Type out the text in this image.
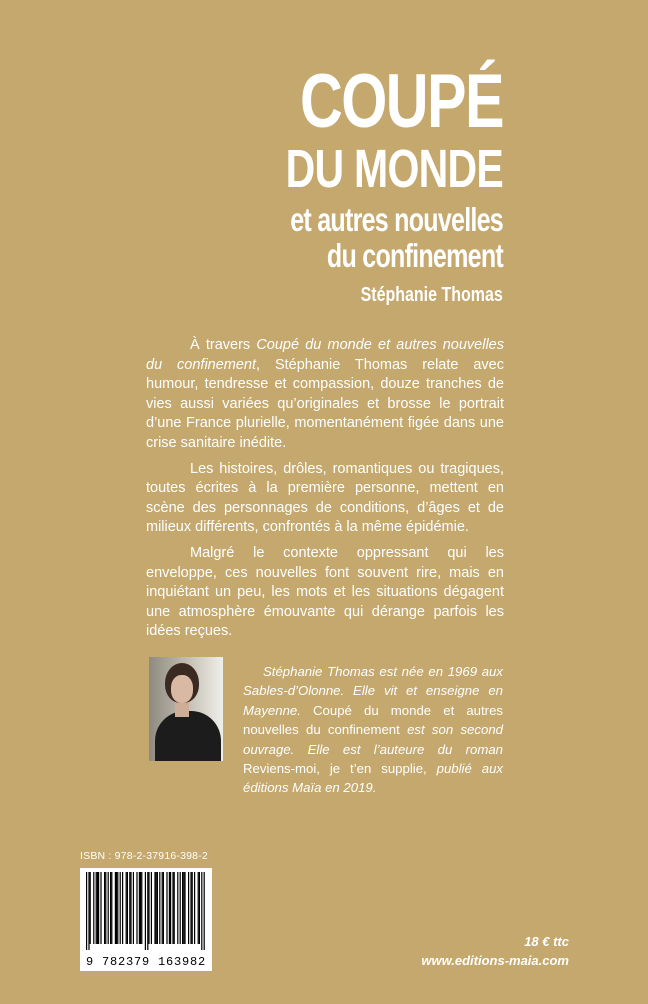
COUPÉ
DU MONDE
et autres nouvelles
du confinement
Stéphanie Thomas

À travers Coupé du monde et autres nouvelles du confinement, Stéphanie Thomas relate avec humour, tendresse et compassion, douze tranches de vies aussi variées qu’originales et brosse le portrait d’une France plurielle, momentanément figée dans une crise sanitaire inédite.

Les histoires, drôles, romantiques ou tragiques, toutes écrites à la première personne, mettent en scène des personnages de conditions, d’âges et de milieux différents, confrontés à la même épidémie.

Malgré le contexte oppressant qui les enveloppe, ces nouvelles font souvent rire, mais en inquiétant un peu, les mots et les situations dégagent une atmosphère émouvante qui dérange parfois les idées reçues.

Stéphanie Thomas est née en 1969 aux Sables-d’Olonne. Elle vit et enseigne en Mayenne. Coupé du monde et autres nouvelles du confinement est son second ouvrage. Elle est l’auteure du roman Reviens-moi, je t’en supplie, publié aux éditions Maïa en 2019.

ISBN : 978-2-37916-398-2
9 782379 163982
18 € ttc
www.editions-maia.com
